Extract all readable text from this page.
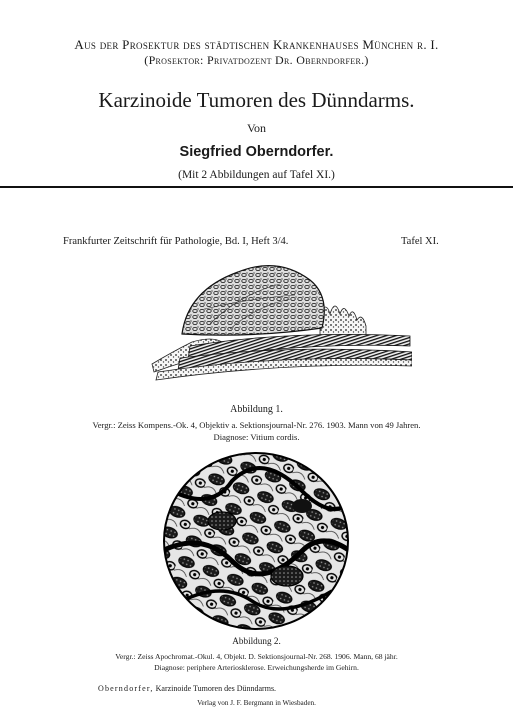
Aus der Prosektur des städtischen Krankenhauses München r. I.
(Prosektor: Privatdozent Dr. Oberndorfer.)
Karzinoide Tumoren des Dünndarms.
Von
Siegfried Oberndorfer.
(Mit 2 Abbildungen auf Tafel XI.)
Frankfurter Zeitschrift für Pathologie, Bd. I, Heft 3/4.	Tafel XI.
Abbildung 1.
Vergr.: Zeiss Kompens.-Ok. 4, Objektiv a. Sektionsjournal-Nr. 276. 1903. Mann von 49 Jahren.
Diagnose: Vitium cordis.
Abbildung 2.
Vergr.: Zeiss Apochromat.-Okul. 4, Objekt. D. Sektionsjournal-Nr. 268. 1906. Mann, 68 jähr.
Diagnose: periphere Arteriosklerose. Erweichungsherde im Gehirn.
Oberndorfer, Karzinoide Tumoren des Dünndarms.
Verlag von J. F. Bergmann in Wiesbaden.
